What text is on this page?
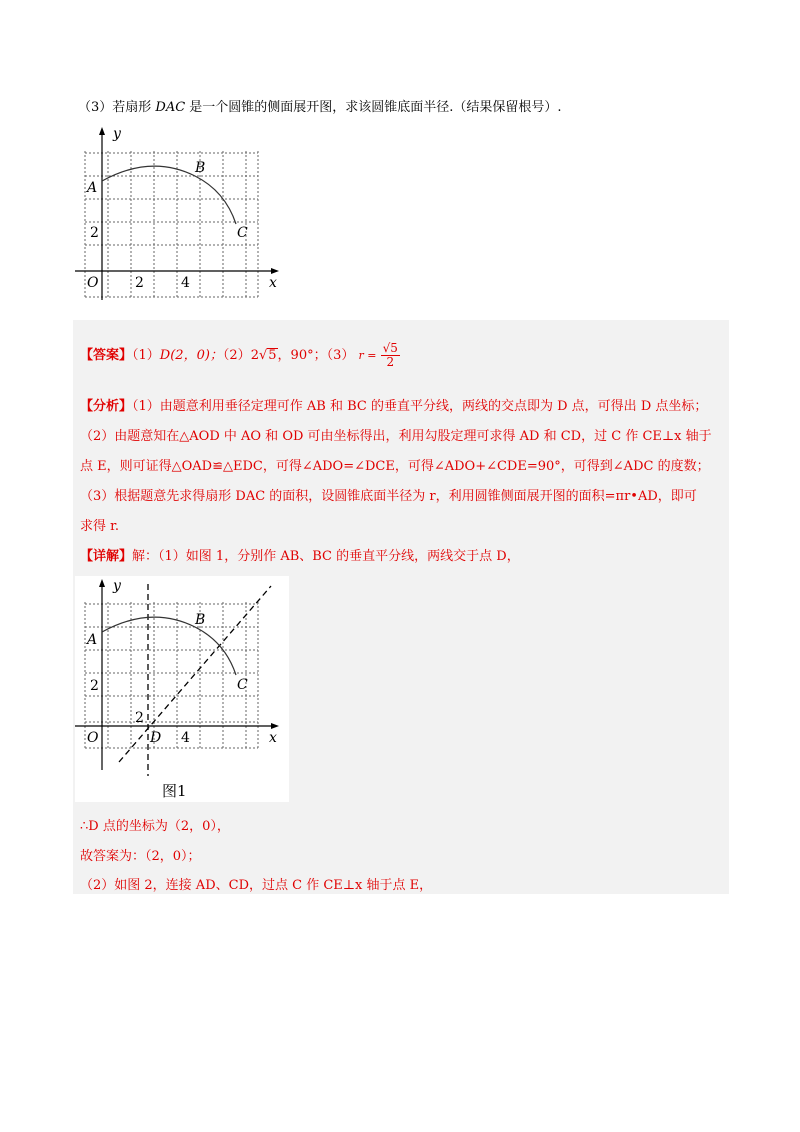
（3）若扇形 DAC 是一个圆锥的侧面展开图，求该圆锥底面半径.（结果保留根号）.
y
x
O
A
B
C
2
2	4
【答案】（1）D(2，0)；（2）2√5，90°；（3） $r = \frac{√5}{2}$
【分析】（1）由题意利用垂径定理可作 AB 和 BC 的垂直平分线，两线的交点即为 D 点，可得出 D 点坐标；
（2）由题意知在△AOD 中 AO 和 OD 可由坐标得出，利用勾股定理可求得 AD 和 CD，过 C 作 CE⊥x 轴于
点 E，则可证得△OAD≌△EDC，可得∠ADO=∠DCE，可得∠ADO+∠CDE=90°，可得到∠ADC 的度数；
（3）根据题意先求得扇形 DAC 的面积，设圆锥底面半径为 r，利用圆锥侧面展开图的面积=πr•AD，即可
求得 r.
【详解】解：（1）如图 1，分别作 AB、BC 的垂直平分线，两线交于点 D，
y
x
O
A
B
C
D
2
2
4
图1
∴D 点的坐标为（2，0），
故答案为：（2，0）；
（2）如图 2，连接 AD、CD，过点 C 作 CE⊥x 轴于点 E，
